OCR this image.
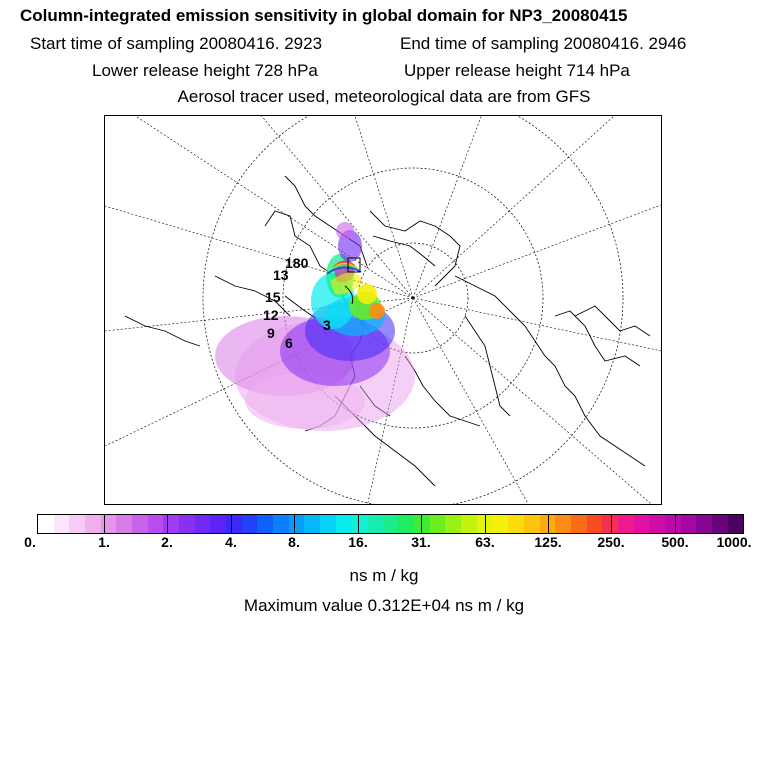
Column-integrated emission sensitivity in global domain for NP3_20080415
Start time of sampling 20080416. 2923	End time of sampling 20080416. 2946
Lower release height 728 hPa	Upper release height 714 hPa
Aerosol tracer used, meteorological data are from GFS
180
13
15
12
9
6
3
0.	1.	2.	4.	8.	16.	31.	63.	125.	250.	500. 1000.
ns m / kg
Maximum value 0.312E+04 ns m / kg
